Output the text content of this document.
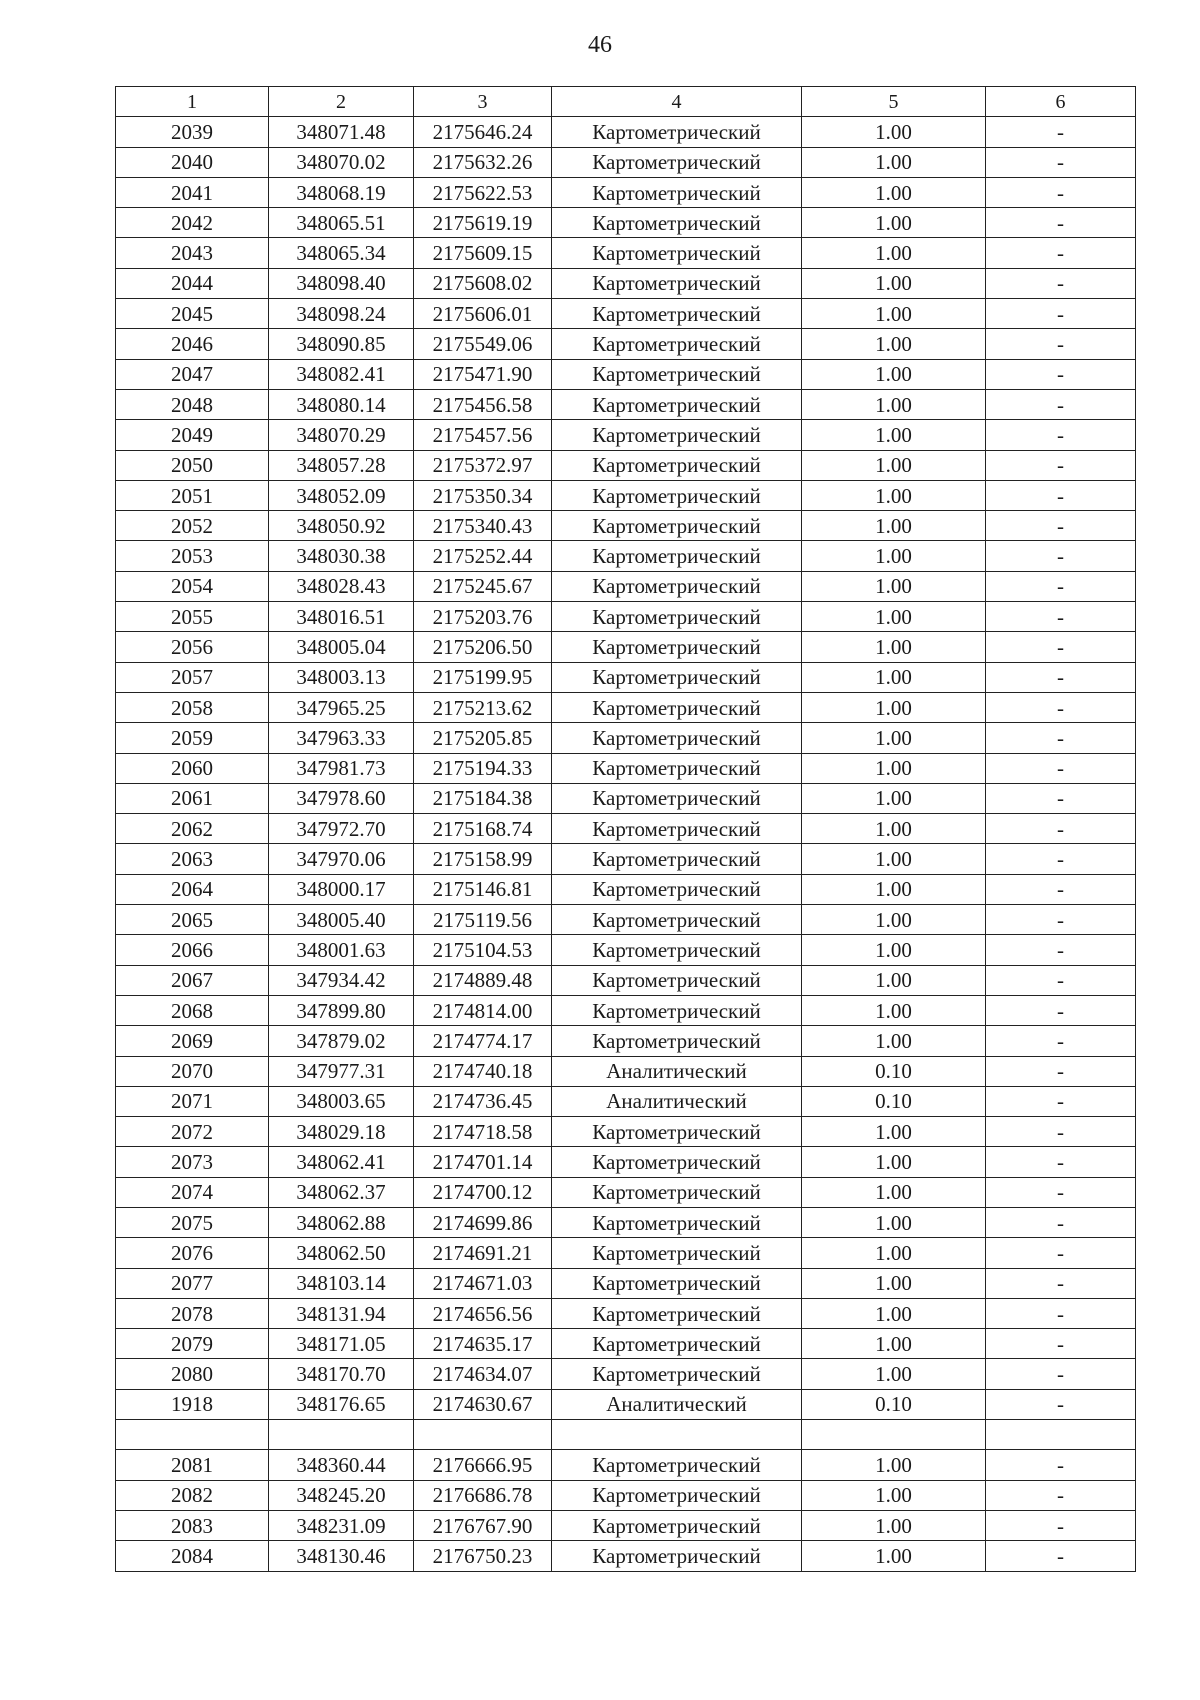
46
1	2	3	4	5	6
2039	348071.48	2175646.24	Картометрический	1.00	-
2040	348070.02	2175632.26	Картометрический	1.00	-
2041	348068.19	2175622.53	Картометрический	1.00	-
2042	348065.51	2175619.19	Картометрический	1.00	-
2043	348065.34	2175609.15	Картометрический	1.00	-
2044	348098.40	2175608.02	Картометрический	1.00	-
2045	348098.24	2175606.01	Картометрический	1.00	-
2046	348090.85	2175549.06	Картометрический	1.00	-
2047	348082.41	2175471.90	Картометрический	1.00	-
2048	348080.14	2175456.58	Картометрический	1.00	-
2049	348070.29	2175457.56	Картометрический	1.00	-
2050	348057.28	2175372.97	Картометрический	1.00	-
2051	348052.09	2175350.34	Картометрический	1.00	-
2052	348050.92	2175340.43	Картометрический	1.00	-
2053	348030.38	2175252.44	Картометрический	1.00	-
2054	348028.43	2175245.67	Картометрический	1.00	-
2055	348016.51	2175203.76	Картометрический	1.00	-
2056	348005.04	2175206.50	Картометрический	1.00	-
2057	348003.13	2175199.95	Картометрический	1.00	-
2058	347965.25	2175213.62	Картометрический	1.00	-
2059	347963.33	2175205.85	Картометрический	1.00	-
2060	347981.73	2175194.33	Картометрический	1.00	-
2061	347978.60	2175184.38	Картометрический	1.00	-
2062	347972.70	2175168.74	Картометрический	1.00	-
2063	347970.06	2175158.99	Картометрический	1.00	-
2064	348000.17	2175146.81	Картометрический	1.00	-
2065	348005.40	2175119.56	Картометрический	1.00	-
2066	348001.63	2175104.53	Картометрический	1.00	-
2067	347934.42	2174889.48	Картометрический	1.00	-
2068	347899.80	2174814.00	Картометрический	1.00	-
2069	347879.02	2174774.17	Картометрический	1.00	-
2070	347977.31	2174740.18	Аналитический	0.10	-
2071	348003.65	2174736.45	Аналитический	0.10	-
2072	348029.18	2174718.58	Картометрический	1.00	-
2073	348062.41	2174701.14	Картометрический	1.00	-
2074	348062.37	2174700.12	Картометрический	1.00	-
2075	348062.88	2174699.86	Картометрический	1.00	-
2076	348062.50	2174691.21	Картометрический	1.00	-
2077	348103.14	2174671.03	Картометрический	1.00	-
2078	348131.94	2174656.56	Картометрический	1.00	-
2079	348171.05	2174635.17	Картометрический	1.00	-
2080	348170.70	2174634.07	Картометрический	1.00	-
1918	348176.65	2174630.67	Аналитический	0.10	-

2081	348360.44	2176666.95	Картометрический	1.00	-
2082	348245.20	2176686.78	Картометрический	1.00	-
2083	348231.09	2176767.90	Картометрический	1.00	-
2084	348130.46	2176750.23	Картометрический	1.00	-
